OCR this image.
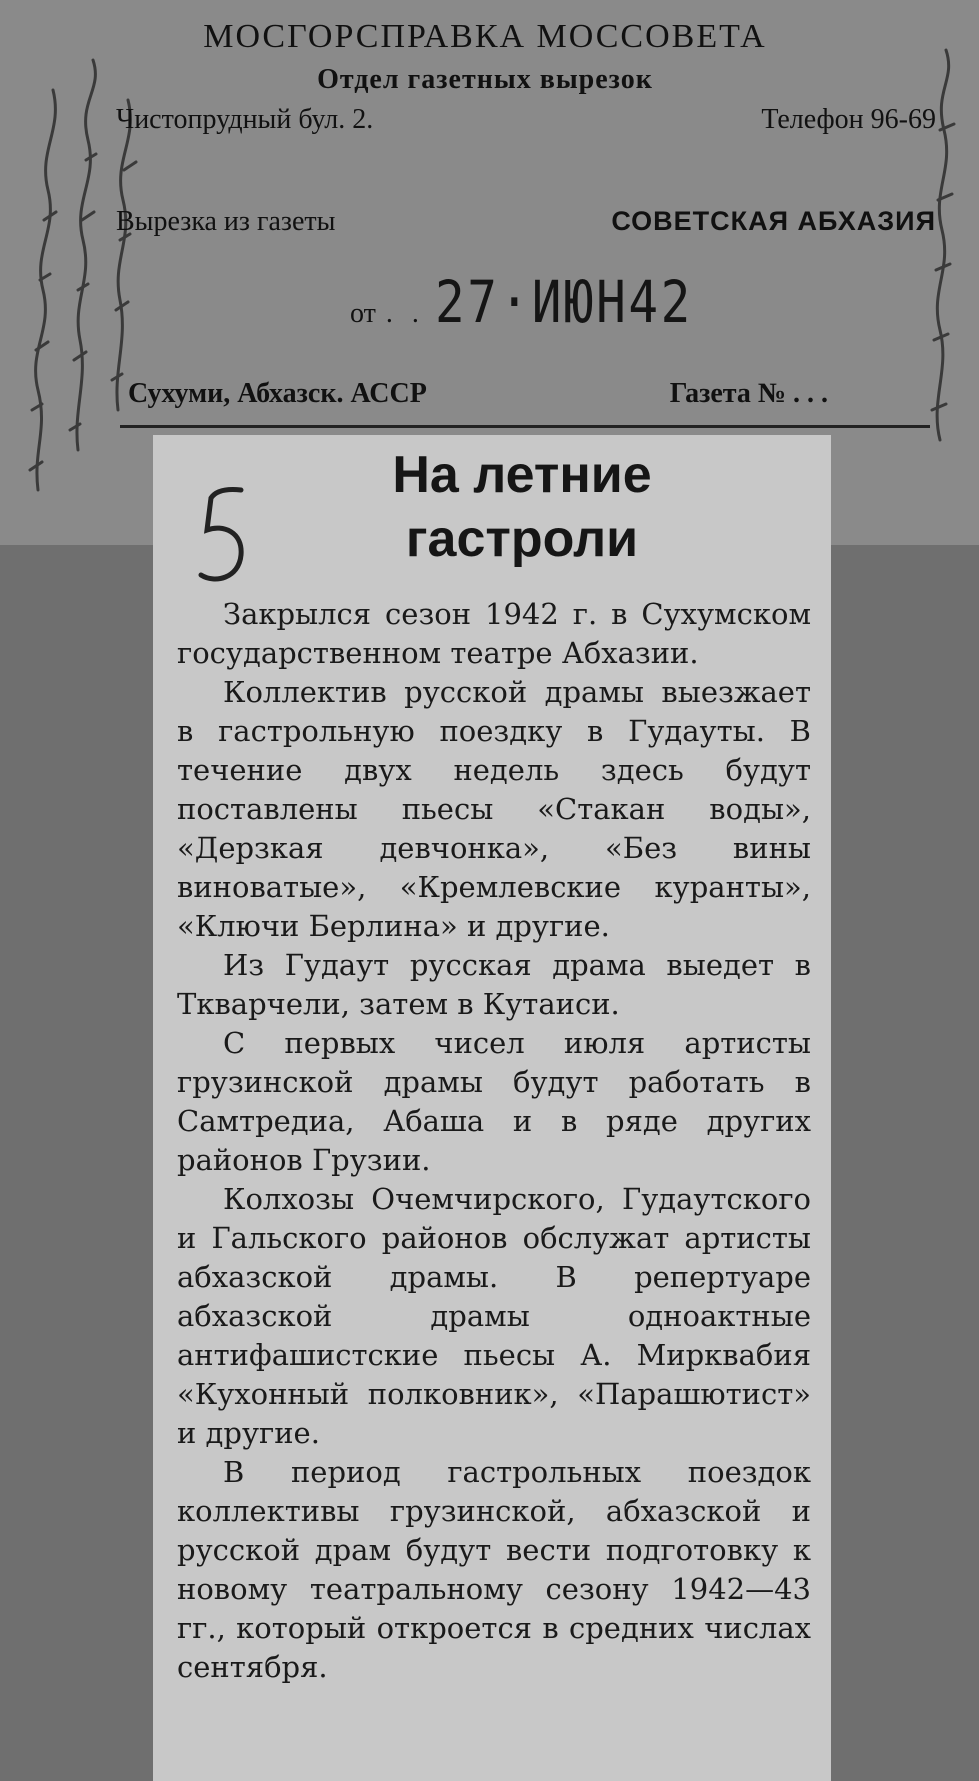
МОСГОРСПРАВКА МОССОВЕТА
Отдел газетных вырезок
Чистопрудный бул. 2.	Телефон 96-69
Вырезка из газеты	СОВЕТСКАЯ АБХАЗИЯ
от . . 27·ИЮН42
Сухуми, Абхазск. АССР	Газета № . . .
На летние
гастроли

Закрылся сезон 1942 г. в Сухумском государственном театре Абхазии.

Коллектив русской драмы выезжает в гастрольную поездку в Гудауты. В течение двух недель здесь будут поставлены пьесы «Стакан воды», «Дерзкая девчонка», «Без вины виноватые», «Кремлевские куранты», «Ключи Берлина» и другие.

Из Гудаут русская драма выедет в Ткварчели, затем в Кутаиси.

С первых чисел июля артисты грузинской драмы будут работать в Самтредиа, Абаша и в ряде других районов Грузии.

Колхозы Очемчирского, Гудаутского и Гальского районов обслужат артисты абхазской драмы. В репертуаре абхазской драмы одноактные антифашистские пьесы А. Мирквабия «Кухонный полковник», «Парашютист» и другие.

В период гастрольных поездок коллективы грузинской, абхазской и русской драм будут вести подготовку к новому театральному сезону 1942—43 гг., который откроется в средних числах сентября.
